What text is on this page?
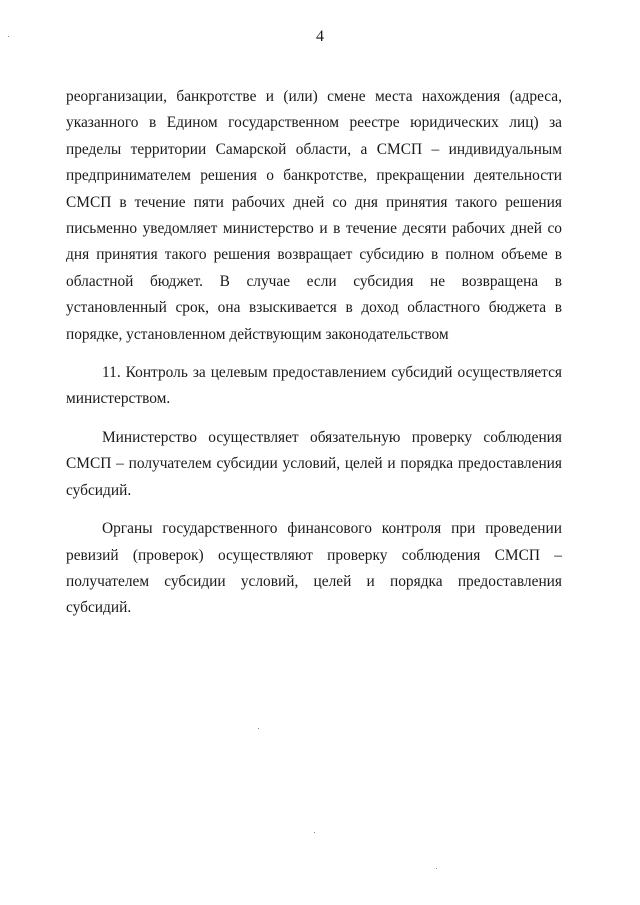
4

реорганизации, банкротстве и (или) смене места нахождения (адреса, указанного в Едином государственном реестре юридических лиц) за пределы территории Самарской области, а СМСП – индивидуальным предпринимателем решения о банкротстве, прекращении деятельности СМСП в течение пяти рабочих дней со дня принятия такого решения письменно уведомляет министерство и в течение десяти рабочих дней со дня принятия такого решения возвращает субсидию в полном объеме в областной бюджет. В случае если субсидия не возвращена в установленный срок, она взыскивается в доход областного бюджета в порядке, установленном действующим законодательством

11. Контроль за целевым предоставлением субсидий осуществляется министерством.

Министерство осуществляет обязательную проверку соблюдения СМСП – получателем субсидии условий, целей и порядка предоставления субсидий.

Органы государственного финансового контроля при проведении ревизий (проверок) осуществляют проверку соблюдения СМСП – получателем субсидии условий, целей и порядка предоставления субсидий.
